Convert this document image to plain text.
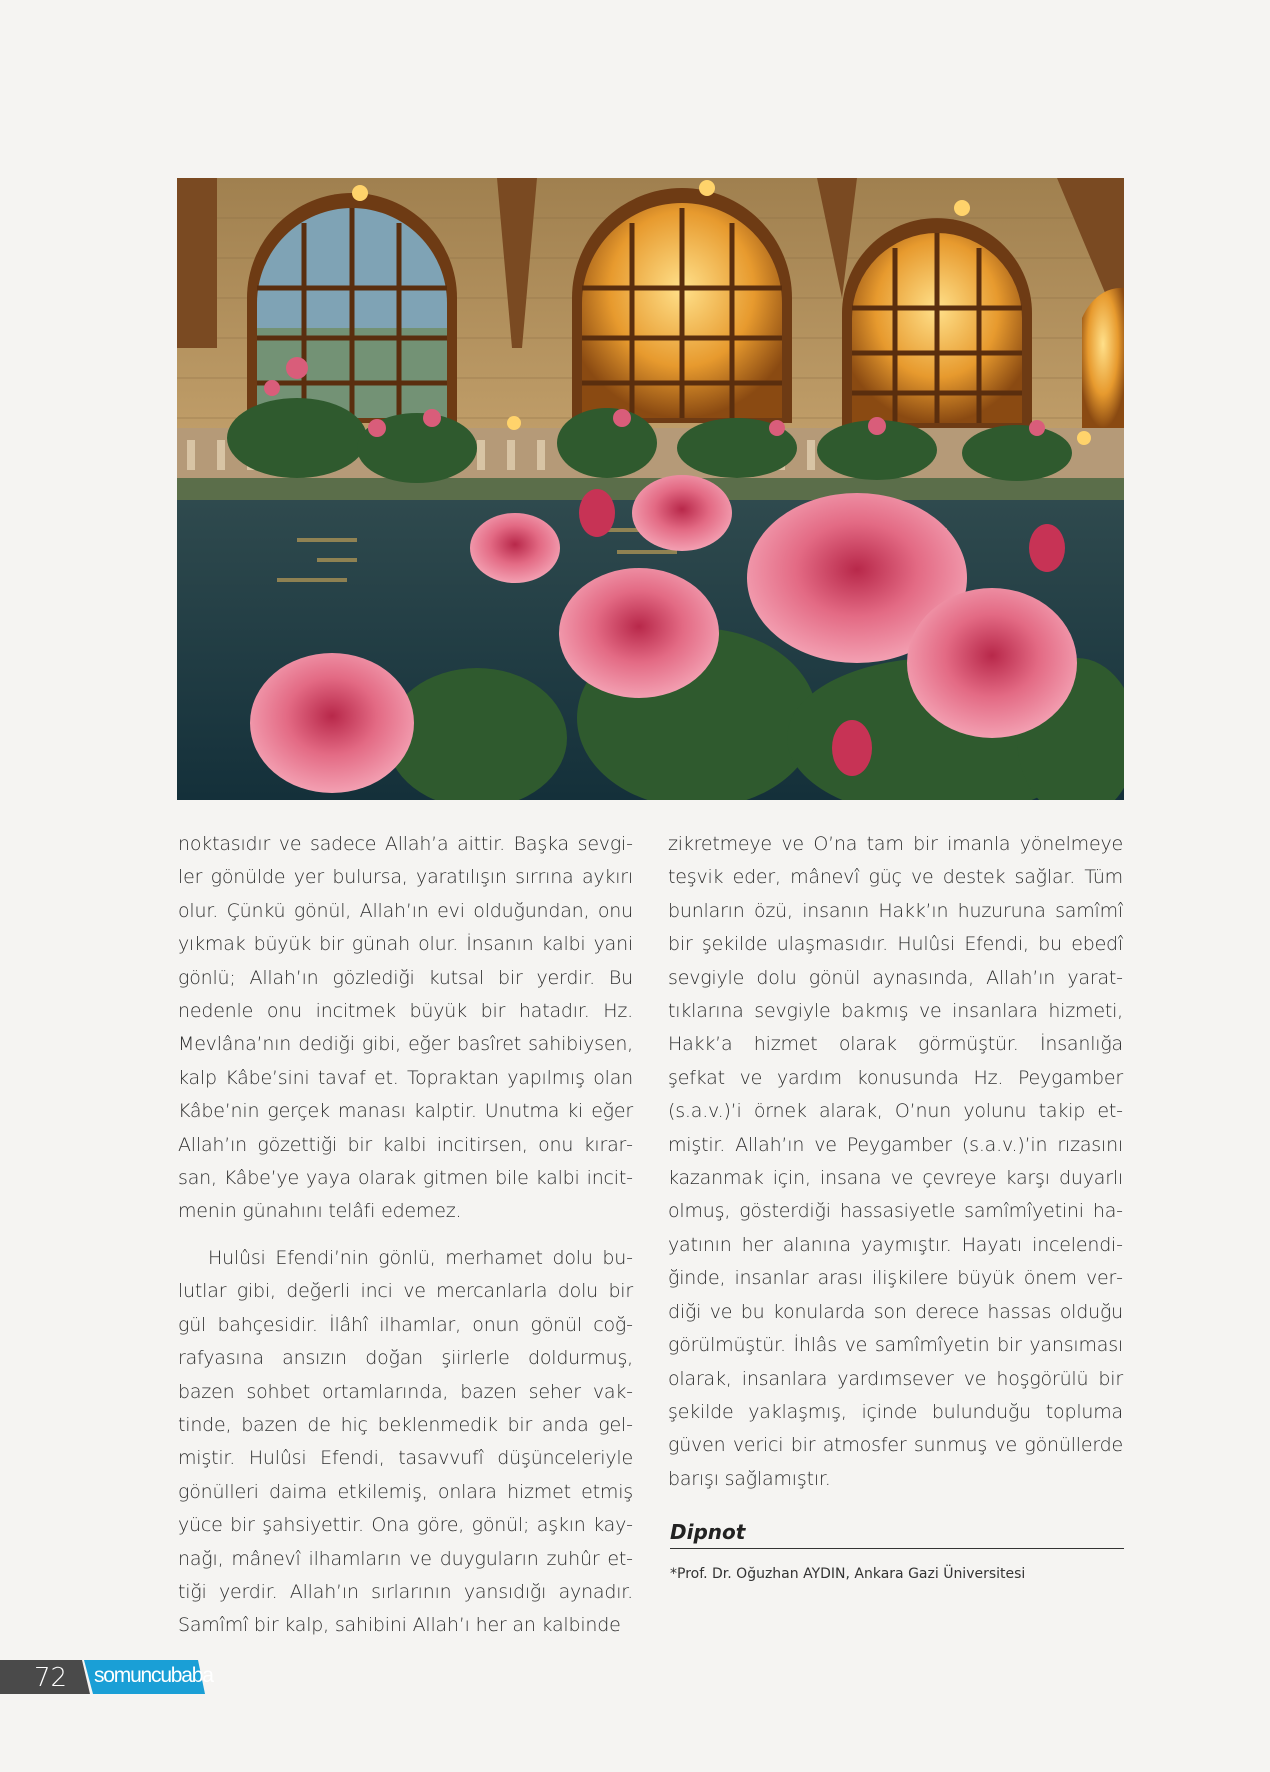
noktasıdır ve sadece Allah’a aittir. Başka sevgiler gönülde yer bulursa, yaratılışın sırrına aykırı olur. Çünkü gönül, Allah’ın evi olduğundan, onu yıkmak büyük bir günah olur. İnsanın kalbi yani gönlü; Allah’ın gözlediği kutsal bir yerdir. Bu nedenle onu incitmek büyük bir hatadır. Hz. Mevlâna’nın dediği gibi, eğer basîret sahibiysen, kalp Kâbe’sini tavaf et. Topraktan yapılmış olan Kâbe’nin gerçek manası kalptir. Unutma ki eğer Allah’ın gözettiği bir kalbi incitirsen, onu kırarsan, Kâbe’ye yaya olarak gitmen bile kalbi incitmenin günahını telâfi edemez.

Hulûsi Efendi’nin gönlü, merhamet dolu bulutlar gibi, değerli inci ve mercanlarla dolu bir gül bahçesidir. İlâhî ilhamlar, onun gönül coğrafyasına ansızın doğan şiirlerle doldurmuş, bazen sohbet ortamlarında, bazen seher vaktinde, bazen de hiç beklenmedik bir anda gelmiştir. Hulûsi Efendi, tasavvufî düşünceleriyle gönülleri daima etkilemiş, onlara hizmet etmiş yüce bir şahsiyettir. Ona göre, gönül; aşkın kaynağı, mânevî ilhamların ve duyguların zuhûr ettiği yerdir. Allah’ın sırlarının yansıdığı aynadır. Samîmî bir kalp, sahibini Allah’ı her an kalbinde

zikretmeye ve O’na tam bir imanla yönelmeye teşvik eder, mânevî güç ve destek sağlar. Tüm bunların özü, insanın Hakk’ın huzuruna samîmî bir şekilde ulaşmasıdır. Hulûsi Efendi, bu ebedî sevgiyle dolu gönül aynasında, Allah’ın yarattıklarına sevgiyle bakmış ve insanlara hizmeti, Hakk’a hizmet olarak görmüştür. İnsanlığa şefkat ve yardım konusunda Hz. Peygamber (s.a.v.)’i örnek alarak, O’nun yolunu takip etmiştir. Allah’ın ve Peygamber (s.a.v.)’in rızasını kazanmak için, insana ve çevreye karşı duyarlı olmuş, gösterdiği hassasiyetle samîmîyetini hayatının her alanına yaymıştır. Hayatı incelendiğinde, insanlar arası ilişkilere büyük önem verdiği ve bu konularda son derece hassas olduğu görülmüştür. İhlâs ve samîmîyetin bir yansıması olarak, insanlara yardımsever ve hoşgörülü bir şekilde yaklaşmış, içinde bulunduğu topluma güven verici bir atmosfer sunmuş ve gönüllerde barışı sağlamıştır.

Dipnot
*Prof. Dr. Oğuzhan AYDIN, Ankara Gazi Üniversitesi
72 somuncubaba
